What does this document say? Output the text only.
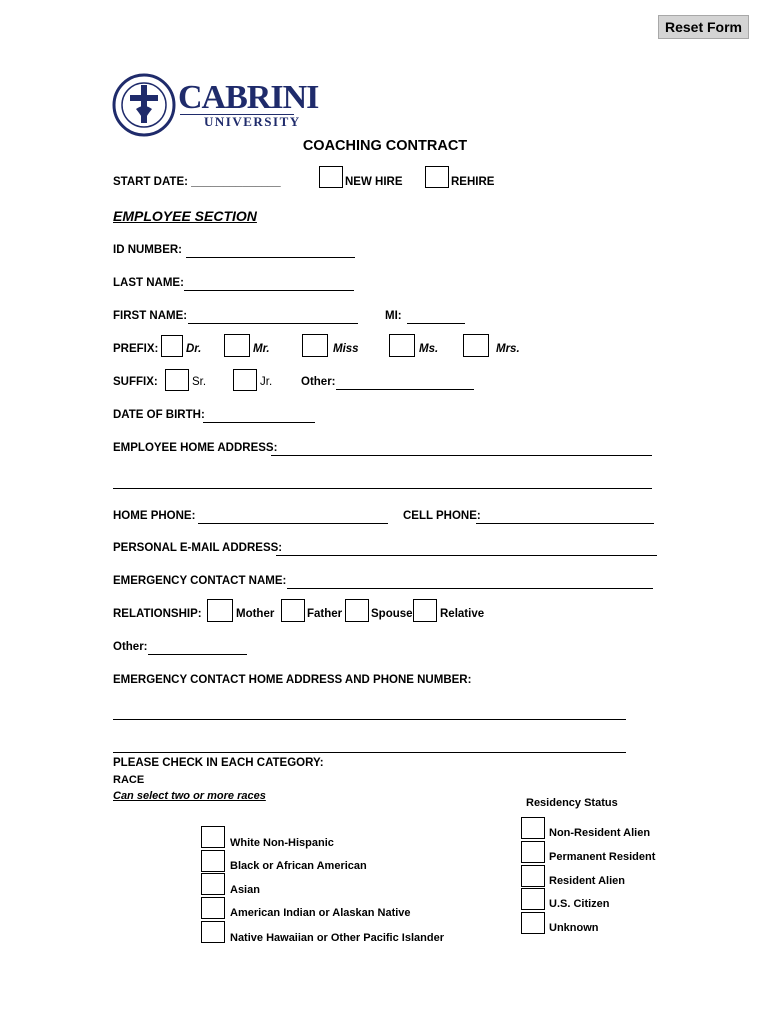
Reset Form
CABRINI
UNIVERSITY
COACHING CONTRACT
START DATE: ______________	NEW HIRE	REHIRE
EMPLOYEE SECTION
ID NUMBER:
LAST NAME:
FIRST NAME:	MI:
PREFIX: Dr.	Mr.	Miss	Ms.	Mrs.
SUFFIX:	Sr.	Jr.	Other:
DATE OF BIRTH:
EMPLOYEE HOME ADDRESS:
HOME PHONE:	CELL PHONE:
PERSONAL E-MAIL ADDRESS:
EMERGENCY CONTACT NAME:
RELATIONSHIP:	Mother	Father	Spouse Relative
Other:
EMERGENCY CONTACT HOME ADDRESS AND PHONE NUMBER:
PLEASE CHECK IN EACH CATEGORY:
RACE
Can select two or more races
Residency Status
White Non-Hispanic
Black or African American
Asian
American Indian or Alaskan Native
Native Hawaiian or Other Pacific Islander
Non-Resident Alien
Permanent Resident
Resident Alien
U.S. Citizen
Unknown
